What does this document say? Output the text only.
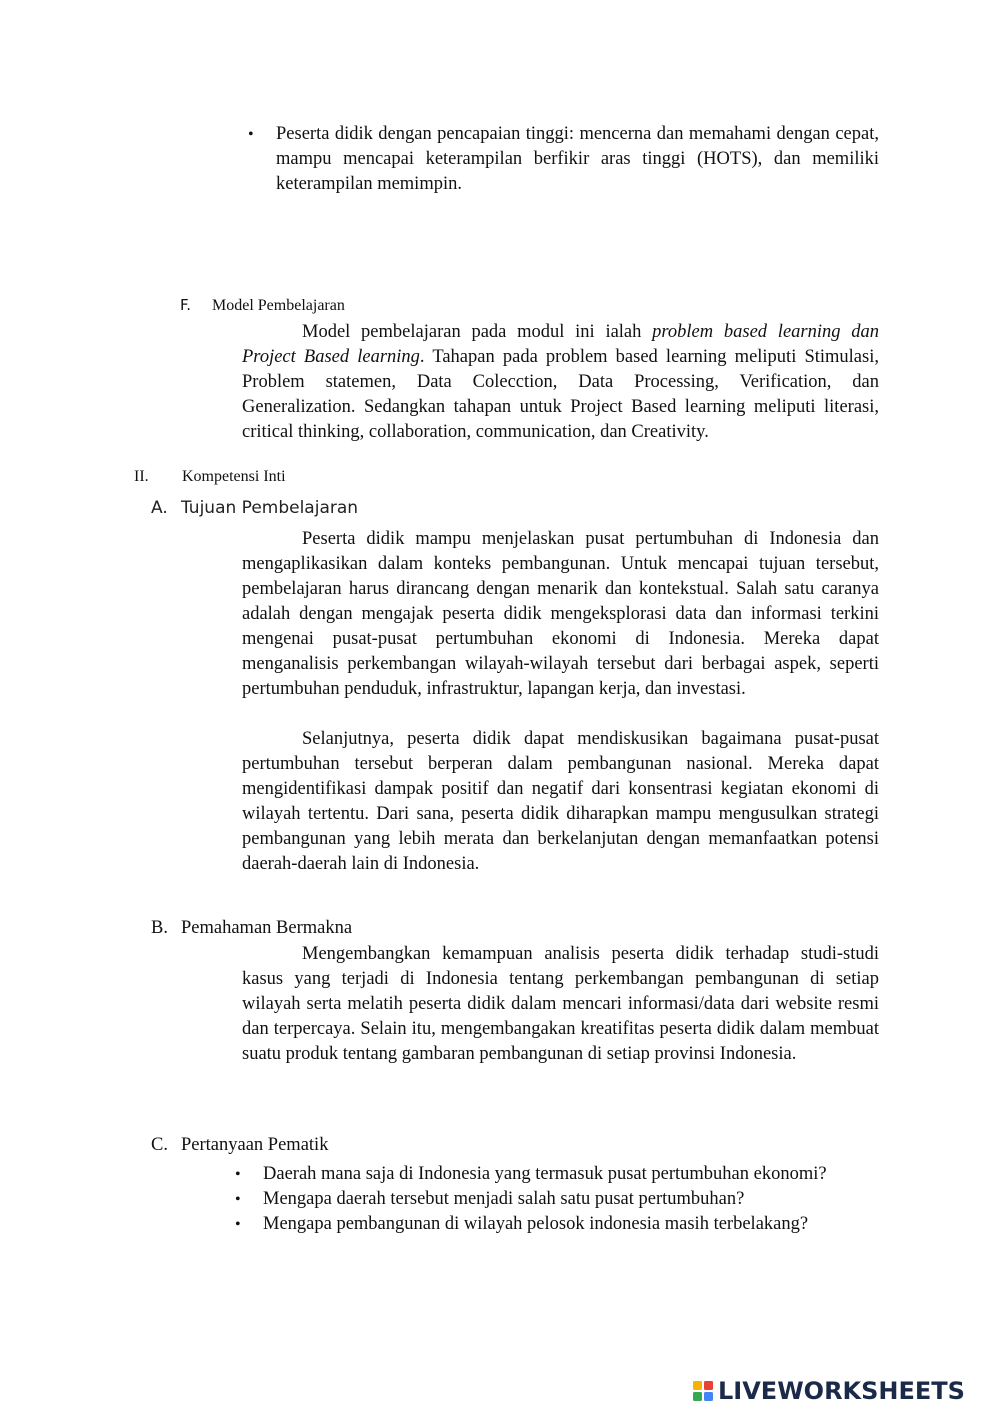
•	Peserta didik dengan pencapaian tinggi: mencerna dan memahami dengan cepat, mampu mencapai keterampilan berfikir aras tinggi (HOTS), dan memiliki keterampilan memimpin.
F. Model Pembelajaran

Model pembelajaran pada modul ini ialah problem based learning dan Project Based learning. Tahapan pada problem based learning meliputi Stimulasi, Problem statemen, Data Colecction, Data Processing, Verification, dan Generalization. Sedangkan tahapan untuk Project Based learning meliputi literasi, critical thinking, collaboration, communication, dan Creativity.

II. Kompetensi Inti
A. Tujuan Pembelajaran

Peserta didik mampu menjelaskan pusat pertumbuhan di Indonesia dan mengaplikasikan dalam konteks pembangunan. Untuk mencapai tujuan tersebut, pembelajaran harus dirancang dengan menarik dan kontekstual. Salah satu caranya adalah dengan mengajak peserta didik mengeksplorasi data dan informasi terkini mengenai pusat-pusat pertumbuhan ekonomi di Indonesia. Mereka dapat menganalisis perkembangan wilayah-wilayah tersebut dari berbagai aspek, seperti pertumbuhan penduduk, infrastruktur, lapangan kerja, dan investasi.

Selanjutnya, peserta didik dapat mendiskusikan bagaimana pusat-pusat pertumbuhan tersebut berperan dalam pembangunan nasional. Mereka dapat mengidentifikasi dampak positif dan negatif dari konsentrasi kegiatan ekonomi di wilayah tertentu. Dari sana, peserta didik diharapkan mampu mengusulkan strategi pembangunan yang lebih merata dan berkelanjutan dengan memanfaatkan potensi daerah-daerah lain di Indonesia.

B. Pemahaman Bermakna

Mengembangkan kemampuan analisis peserta didik terhadap studi-studi kasus yang terjadi di Indonesia tentang perkembangan pembangunan di setiap wilayah serta melatih peserta didik dalam mencari informasi/data dari website resmi dan terpercaya. Selain itu, mengembangakan kreatifitas peserta didik dalam membuat suatu produk tentang gambaran pembangunan di setiap provinsi Indonesia.

C. Pertanyaan Pematik
•	Daerah mana saja di Indonesia yang termasuk pusat pertumbuhan ekonomi?
•	Mengapa daerah tersebut menjadi salah satu pusat pertumbuhan?
•	Mengapa pembangunan di wilayah pelosok indonesia masih terbelakang?
LIVEWORKSHEETS
